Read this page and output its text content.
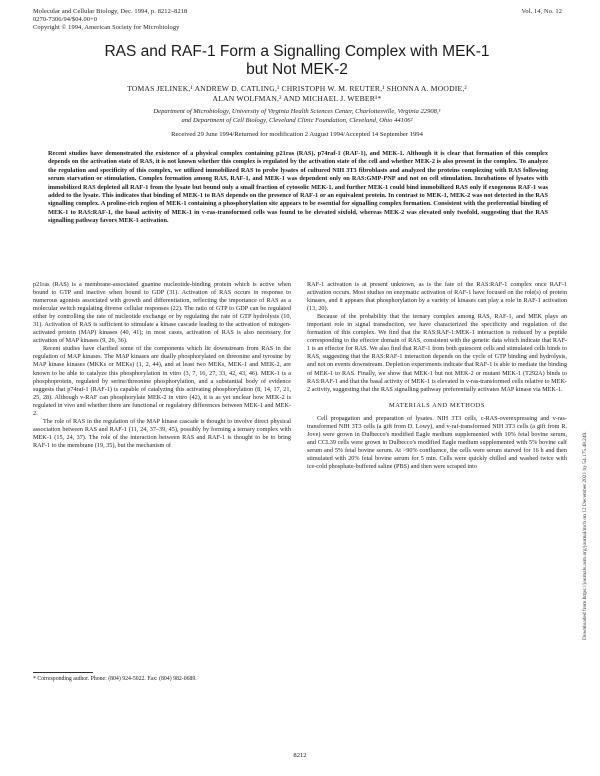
Molecular and Cellular Biology, Dec. 1994, p. 8212–8218
0270-7306/94/$04.00+0
Copyright © 1994, American Society for Microbiology
Vol. 14, No. 12
RAS and RAF-1 Form a Signalling Complex with MEK-1
but Not MEK-2
TOMAS JELINEK,¹ ANDREW D. CATLING,¹ CHRISTOPH W. M. REUTER,¹ SHONNA A. MOODIE,²
ALAN WOLFMAN,² AND MICHAEL J. WEBER¹*
Department of Microbiology, University of Virginia Health Sciences Center, Charlottesville, Virginia 22908,¹
and Department of Cell Biology, Cleveland Clinic Foundation, Cleveland, Ohio 44106²
Received 29 June 1994/Returned for modification 2 August 1994/Accepted 14 September 1994
Recent studies have demonstrated the existence of a physical complex containing p21ras (RAS), p74raf-1 (RAF-1), and MEK-1. Although it is clear that formation of this complex depends on the activation state of RAS, it is not known whether this complex is regulated by the activation state of the cell and whether MEK-2 is also present in the complex. To analyze the regulation and specificity of this complex, we utilized immobilized RAS to probe lysates of cultured NIH 3T3 fibroblasts and analyzed the proteins complexing with RAS following serum starvation or stimulation. Complex formation among RAS, RAF-1, and MEK-1 was dependent only on RAS:GMP-PNP and not on cell stimulation. Incubations of lysates with immobilized RAS depleted all RAF-1 from the lysate but bound only a small fraction of cytosolic MEK-1, and further MEK-1 could bind immobilized RAS only if exogenous RAF-1 was added to the lysate. This indicates that binding of MEK-1 to RAS depends on the presence of RAF-1 or an equivalent protein. In contrast to MEK-1, MEK-2 was not detected in the RAS signalling complex. A proline-rich region of MEK-1 containing a phosphorylation site appears to be essential for signalling complex formation. Consistent with the preferential binding of MEK-1 to RAS:RAF-1, the basal activity of MEK-1 in v-ras-transformed cells was found to be elevated sixfold, whereas MEK-2 was elevated only twofold, suggesting that the RAS signalling pathway favors MEK-1 activation.

p21ras (RAS) is a membrane-associated guanine nucleotide-binding protein which is active when bound to GTP and inactive when bound to GDP (31). Activation of RAS occurs in response to numerous agonists associated with growth and differentiation, reflecting the importance of RAS as a molecular switch regulating diverse cellular responses (22). The ratio of GTP to GDP can be regulated either by controlling the rate of nucleotide exchange or by regulating the rate of GTP hydrolysis (10, 31). Activation of RAS is sufficient to stimulate a kinase cascade leading to the activation of mitogen-activated protein (MAP) kinases (40, 41); in most cases, activation of RAS is also necessary for activation of MAP kinases (9, 26, 36).

Recent studies have clarified some of the components which lie downstream from RAS in the regulation of MAP kinases. The MAP kinases are dually phosphorylated on threonine and tyrosine by MAP kinase kinases (MKKs or MEKs) (1, 2, 44), and at least two MEKs, MEK-1 and MEK-2, are known to be able to catalyze this phosphorylation in vitro (3, 7, 16, 27, 33, 42, 43, 46). MEK-1 is a phosphoprotein, regulated by serine/threonine phosphorylation, and a substantial body of evidence suggests that p74raf-1 (RAF-1) is capable of catalyzing this activating phosphorylation (8, 14, 17, 21, 25, 28). Although v-RAF can phosphorylate MEK-2 in vitro (42), it is as yet unclear how MEK-2 is regulated in vivo and whether there are functional or regulatory differences between MEK-1 and MEK-2.

The role of RAS in the regulation of the MAP kinase cascade is thought to involve direct physical association between RAS and RAF-1 (11, 24, 37–39, 45), possibly by forming a ternary complex with MEK-1 (15, 24, 37). The role of the interaction between RAS and RAF-1 is thought to be to bring RAF-1 to the membrane (19, 35), but the mechanism of

* Corresponding author. Phone: (804) 924-5022. Fax: (804) 982-0689.

RAF-1 activation is at present unknown, as is the fate of the RAS:RAF-1 complex once RAF-1 activation occurs. Most studies on enzymatic activation of RAF-1 have focused on the role(s) of protein kinases, and it appears that phosphorylation by a variety of kinases can play a role in RAF-1 activation (13, 20).

Because of the probability that the ternary complex among RAS, RAF-1, and MEK plays an important role in signal transduction, we have characterized the specificity and regulation of the formation of this complex. We find that the RAS:RAF-1:MEK-1 interaction is reduced by a peptide corresponding to the effector domain of RAS, consistent with the genetic data which indicate that RAF-1 is an effector for RAS. We also find that RAF-1 from both quiescent cells and stimulated cells binds to RAS, suggesting that the RAS:RAF-1 interaction depends on the cycle of GTP binding and hydrolysis, and not on events downstream. Depletion experiments indicate that RAF-1 is able to mediate the binding of MEK-1 to RAS. Finally, we show that MEK-1 but not MEK-2 or mutant MEK-1 (T292A) binds to RAS:RAF-1 and that the basal activity of MEK-1 is elevated in v-ras-transformed cells relative to MEK-2 activity, suggesting that the RAS signalling pathway preferentially activates MAP kinase via MEK-1.

MATERIALS AND METHODS

Cell propagation and preparation of lysates. NIH 3T3 cells, c-RAS-overexpressing and v-ras-transformed NIH 3T3 cells (a gift from D. Lowy), and v-raf-transformed NIH 3T3 cells (a gift from R. Jove) were grown in Dulbecco's modified Eagle medium supplemented with 10% fetal bovine serum, and CCL39 cells were grown in Dulbecco's modified Eagle medium supplemented with 5% bovine calf serum and 5% fetal bovine serum. At >90% confluence, the cells were serum starved for 16 h and then stimulated with 20% fetal bovine serum for 5 min. Cells were quickly chilled and washed twice with ice-cold phosphate-buffered saline (PBS) and then were scraped into

8212
Downloaded from https://journals.asm.org/journal/mcb on 12 December 2021 by 54.175.48.249.
